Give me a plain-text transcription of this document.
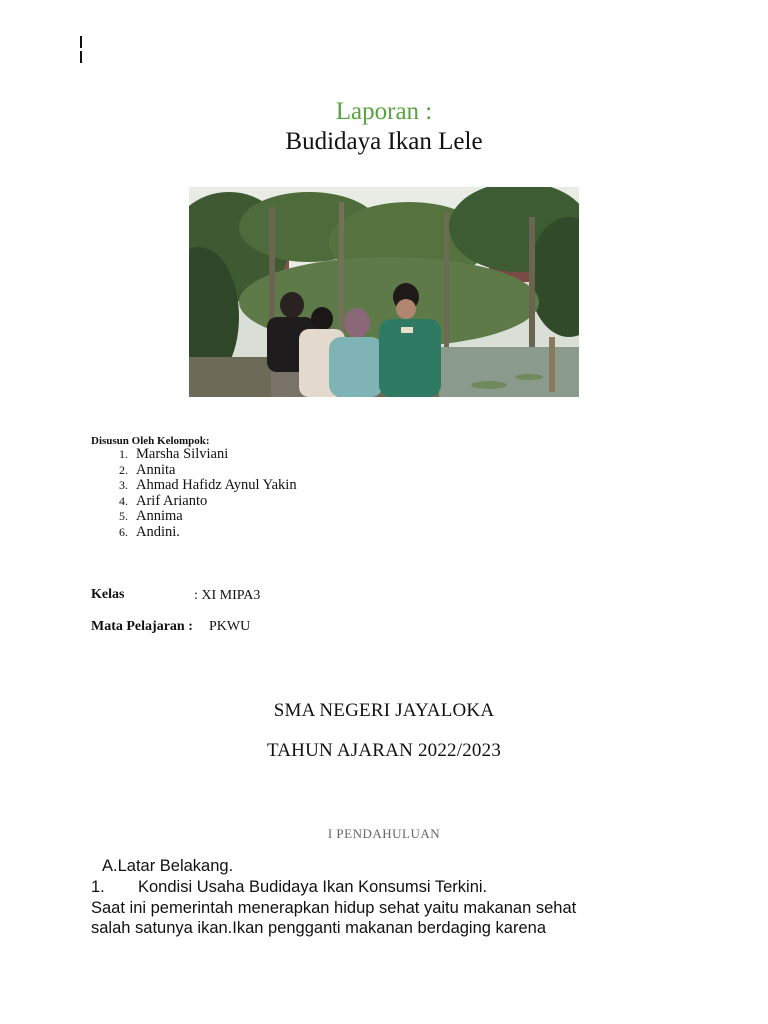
Laporan :
Budidaya Ikan Lele
Disusun Oleh Kelompok:
1. Marsha Silviani
2. Annita
3. Ahmad Hafidz Aynul Yakin
4. Arif Arianto
5. Annima
6. Andini.
Kelas	: XI MIPA3
Mata Pelajaran : PKWU
SMA NEGERI JAYALOKA
TAHUN AJARAN 2022/2023
I PENDAHULUAN
A.Latar Belakang.
1. Kondisi Usaha Budidaya Ikan Konsumsi Terkini.
Saat ini pemerintah menerapkan hidup sehat yaitu makanan sehat
salah satunya ikan.Ikan pengganti makanan berdaging karena
